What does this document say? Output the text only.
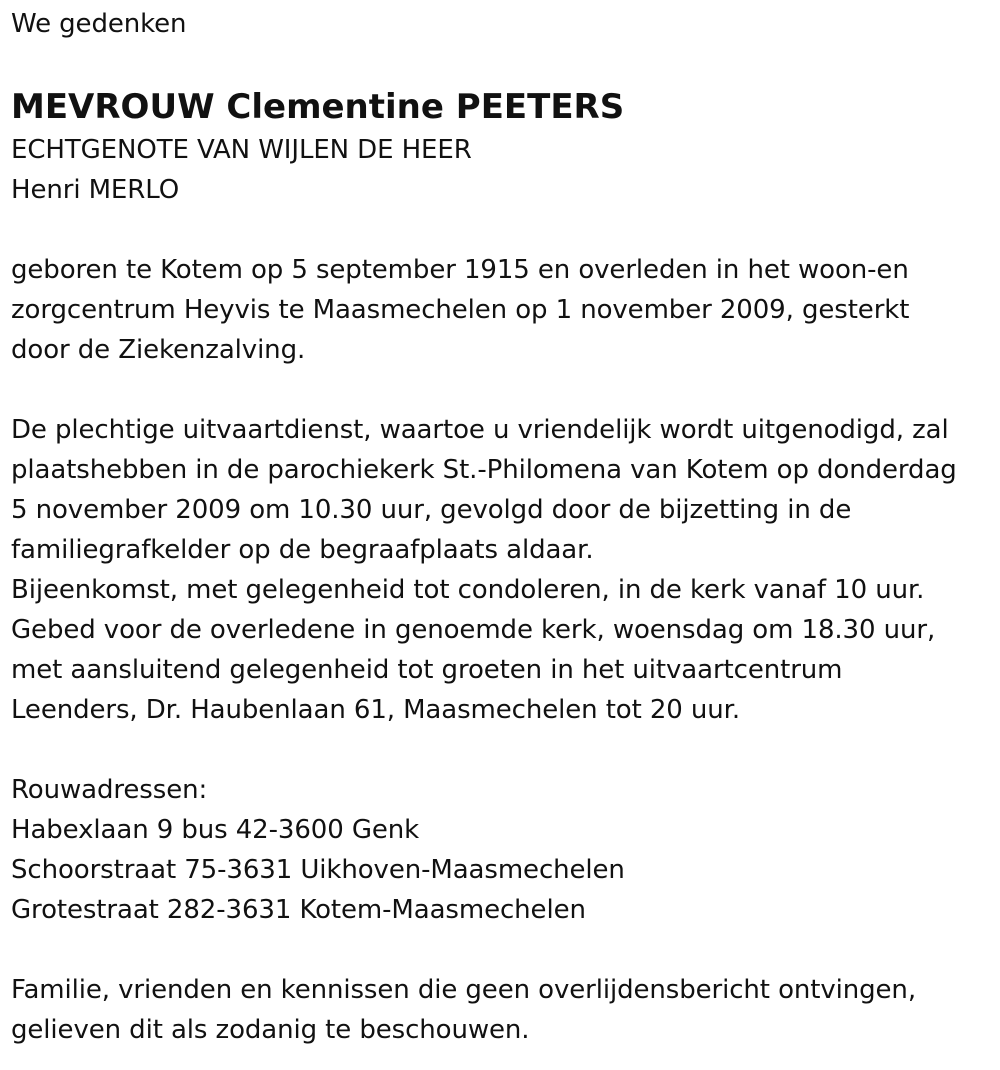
We gedenken
MEVROUW Clementine PEETERS
ECHTGENOTE VAN WIJLEN DE HEER
Henri MERLO
geboren te Kotem op 5 september 1915 en overleden in het woon-en
zorgcentrum Heyvis te Maasmechelen op 1 november 2009, gesterkt
door de Ziekenzalving.
De plechtige uitvaartdienst, waartoe u vriendelijk wordt uitgenodigd, zal
plaatshebben in de parochiekerk St.-Philomena van Kotem op donderdag
5 november 2009 om 10.30 uur, gevolgd door de bijzetting in de
familiegrafkelder op de begraafplaats aldaar.
Bijeenkomst, met gelegenheid tot condoleren, in de kerk vanaf 10 uur.
Gebed voor de overledene in genoemde kerk, woensdag om 18.30 uur,
met aansluitend gelegenheid tot groeten in het uitvaartcentrum
Leenders, Dr. Haubenlaan 61, Maasmechelen tot 20 uur.
Rouwadressen:
Habexlaan 9 bus 42-3600 Genk
Schoorstraat 75-3631 Uikhoven-Maasmechelen
Grotestraat 282-3631 Kotem-Maasmechelen
Familie, vrienden en kennissen die geen overlijdensbericht ontvingen,
gelieven dit als zodanig te beschouwen.
